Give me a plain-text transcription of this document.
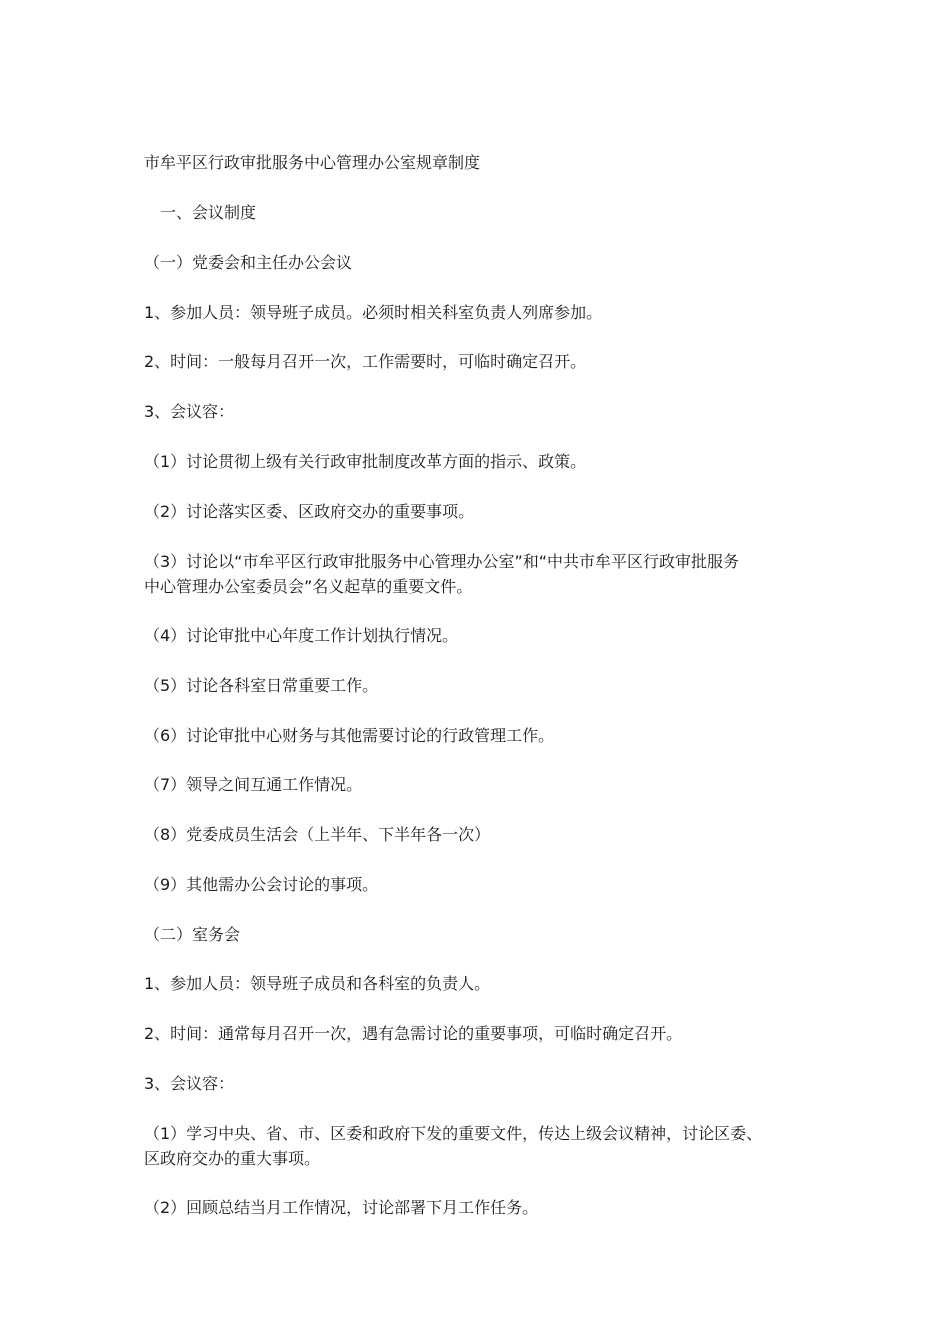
市牟平区行政审批服务中心管理办公室规章制度
　一、会议制度
（一）党委会和主任办公会议
1、参加人员：领导班子成员。必须时相关科室负责人列席参加。
2、时间：一般每月召开一次，工作需要时，可临时确定召开。
3、会议容：
（1）讨论贯彻上级有关行政审批制度改革方面的指示、政策。
（2）讨论落实区委、区政府交办的重要事项。
（3）讨论以“市牟平区行政审批服务中心管理办公室”和“中共市牟平区行政审批服务
中心管理办公室委员会”名义起草的重要文件。
（4）讨论审批中心年度工作计划执行情况。
（5）讨论各科室日常重要工作。
（6）讨论审批中心财务与其他需要讨论的行政管理工作。
（7）领导之间互通工作情况。
（8）党委成员生活会（上半年、下半年各一次）
（9）其他需办公会讨论的事项。
（二）室务会
1、参加人员：领导班子成员和各科室的负责人。
2、时间：通常每月召开一次，遇有急需讨论的重要事项，可临时确定召开。
3、会议容：
（1）学习中央、省、市、区委和政府下发的重要文件，传达上级会议精神，讨论区委、
区政府交办的重大事项。
（2）回顾总结当月工作情况，讨论部署下月工作任务。
